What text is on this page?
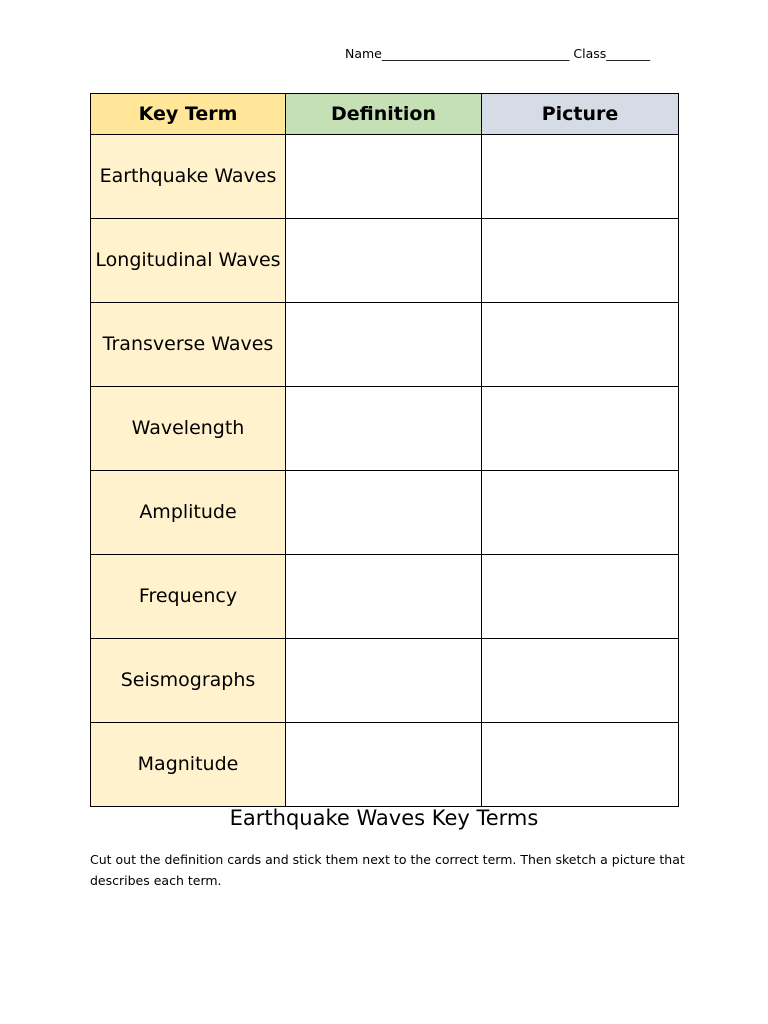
Name______________________________ Class_______
Key Term	Definition	Picture
Earthquake Waves		
Longitudinal Waves		
Transverse Waves		
Wavelength		
Amplitude		
Frequency		
Seismographs		
Magnitude		
Earthquake Waves Key Terms
Cut out the definition cards and stick them next to the correct term. Then sketch a picture that describes each term.
